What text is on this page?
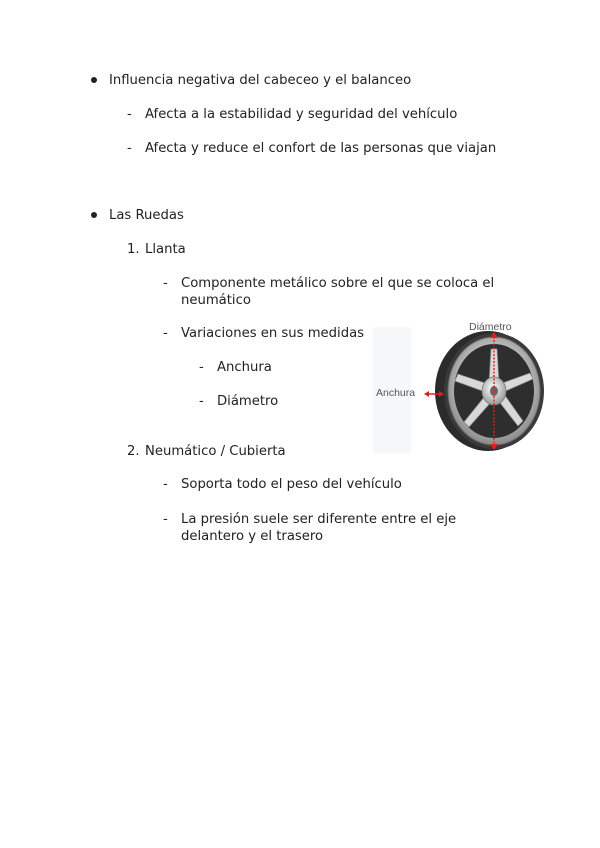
Influencia negativa del cabeceo y el balanceo
- Afecta a la estabilidad y seguridad del vehículo
- Afecta y reduce el confort de las personas que viajan
Las Ruedas
1. Llanta
- Componente metálico sobre el que se coloca el
neumático
- Variaciones en sus medidas
- Anchura
- Diámetro
2. Neumático / Cubierta
- Soporta todo el peso del vehículo
- La presión suele ser diferente entre el eje
delantero y el trasero
Diámetro
Anchura
